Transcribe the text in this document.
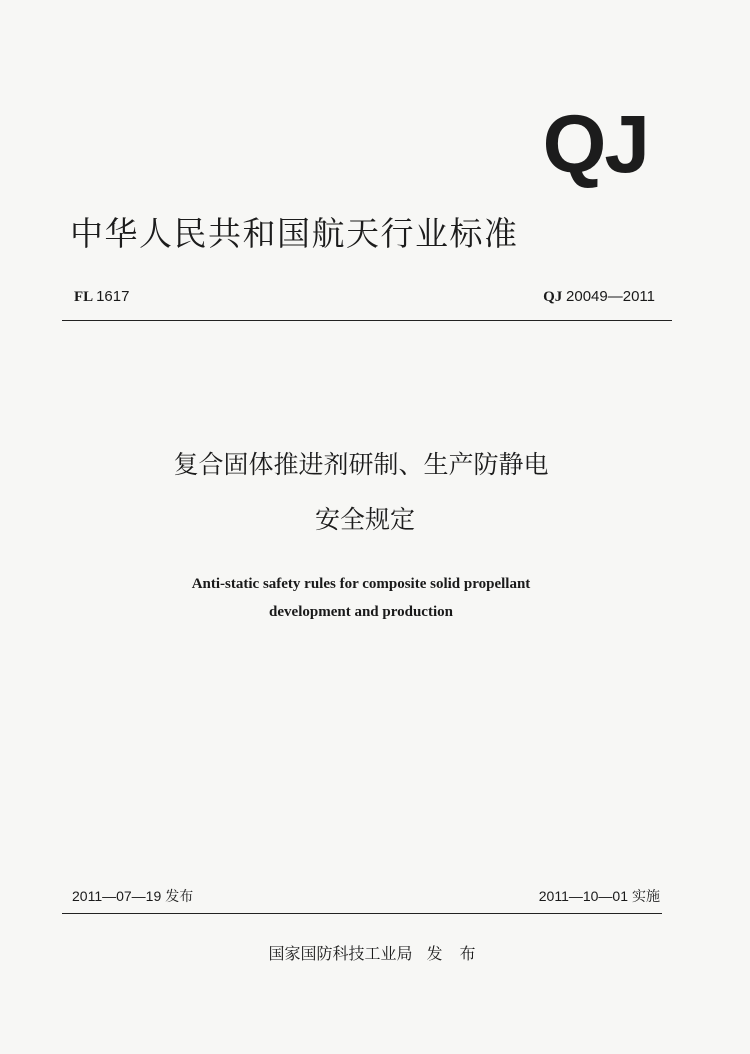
QJ
中华人民共和国航天行业标准
FL 1617	QJ 20049—2011
复合固体推进剂研制、生产防静电
安全规定
Anti-static safety rules for composite solid propellant
development and production
2011—07—19 发布	2011—10—01 实施
国家国防科技工业局 发 布
